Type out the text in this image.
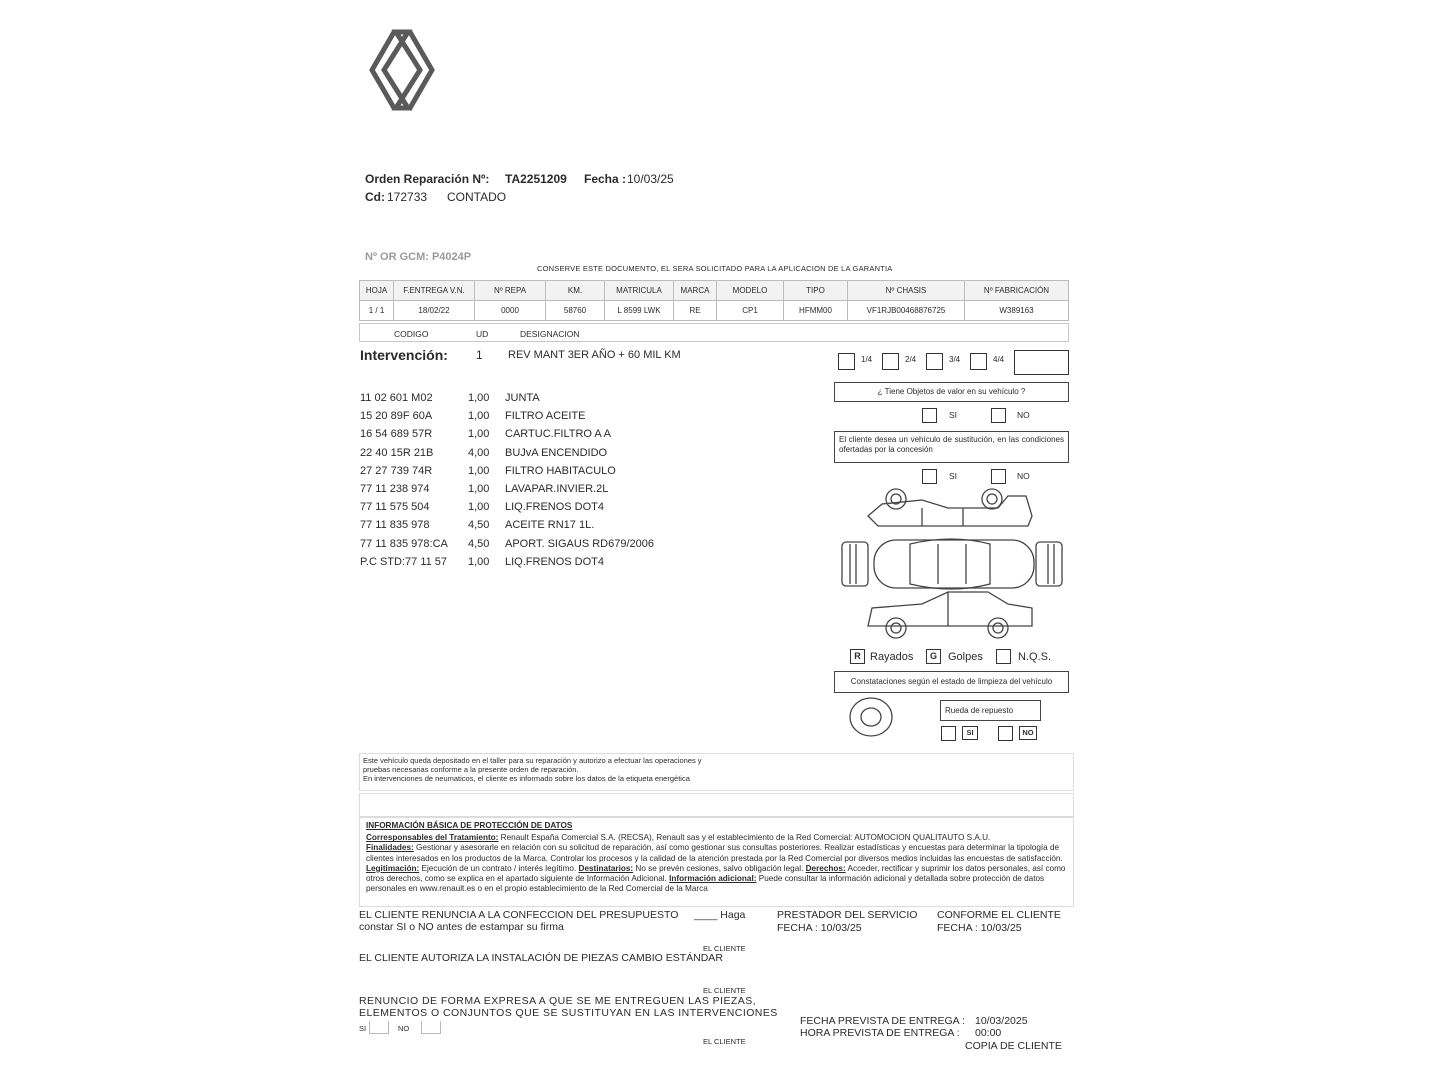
Orden Reparación Nº: TA2251209 Fecha : 10/03/25
Cd: 172733 CONTADO
Nº OR GCM: P4024P
CONSERVE ESTE DOCUMENTO, EL SERA SOLICITADO PARA LA APLICACION DE LA GARANTIA
HOJA	F.ENTREGA V.N.	Nº REPA	KM.	MATRICULA	MARCA	MODELO	TIPO	Nº CHASIS	Nº FABRICACIÓN
1 / 1	18/02/22	0000	58760	L 8599 LWK	RE	CP1	HFMM00	VF1RJB00468876725	W389163
CODIGO	UD	DESIGNACION
Intervención: 1 REV MANT 3ER AÑO + 60 MIL KM
11 02 601 M02	1,00 JUNTA
15 20 89F 60A	1,00 FILTRO ACEITE
16 54 689 57R	1,00 CARTUC.FILTRO A A
22 40 15R 21B	4,00 BUJvA ENCENDIDO
27 27 739 74R	1,00 FILTRO HABITACULO
77 11 238 974	1,00 LAVAPAR.INVIER.2L
77 11 575 504	1,00 LIQ.FRENOS DOT4
77 11 835 978	4,50 ACEITE RN17 1L.
77 11 835 978:CA 4,50 APORT. SIGAUS RD679/2006
P.C STD:77 11 57 1,00 LIQ.FRENOS DOT4
1/4	2/4	3/4	4/4
¿ Tiene Objetos de valor en su vehículo ?
SI	NO
El cliente desea un vehículo de sustitución, en las condiciones ofertadas por la concesión
SI	NO
R Rayados	G	Golpes	N.Q.S.
Constataciones según el estado de limpieza del vehículo
Rueda de repuesto
SI	NO
Este vehículo queda depositado en el taller para su reparación y autorizo a efectuar las operaciones y
pruebas necesarias conforme a la presente orden de reparación.
En intervenciones de neumaticos, el cliente es informado sobre los datos de la etiqueta energética
INFORMACIÓN BÁSICA DE PROTECCIÓN DE DATOS
Corresponsables del Tratamiento: Renault España Comercial S.A. (RECSA), Renault sas y el establecimiento de la Red Comercial: AUTOMOCION QUALITAUTO S.A.U.
Finalidades: Gestionar y asesorarle en relación con su solicitud de reparación, así como gestionar sus consultas posteriores. Realizar estadísticas y encuestas para determinar la tipología de clientes interesados en los productos de la Marca. Controlar los procesos y la calidad de la atención prestada por la Red Comercial por diversos medios incluidas las encuestas de satisfacción. Legitimación: Ejecución de un contrato / interés legítimo. Destinatarios: No se prevén cesiones, salvo obligación legal. Derechos: Acceder, rectificar y suprimir los datos personales, así como otros derechos, como se explica en el apartado siguiente de Información Adicional. Información adicional: Puede consultar la información adicional y detallada sobre protección de datos personales en www.renault.es o en el propio establecimiento de la Red Comercial de la Marca
EL CLIENTE RENUNCIA A LA CONFECCION DEL PRESUPUESTO ____ Haga
constar SI o NO antes de estampar su firma
PRESTADOR DEL SERVICIO
FECHA : 10/03/25
CONFORME EL CLIENTE
FECHA : 10/03/25
EL CLIENTE
EL CLIENTE AUTORIZA LA INSTALACIÓN DE PIEZAS CAMBIO ESTÁNDAR
EL CLIENTE
RENUNCIO DE FORMA EXPRESA A QUE SE ME ENTREGUEN LAS PIEZAS,
ELEMENTOS O CONJUNTOS QUE SE SUSTITUYAN EN LAS INTERVENCIONES
SI	NO
EL CLIENTE
FECHA PREVISTA DE ENTREGA : 10/03/2025
HORA PREVISTA DE ENTREGA : 00:00
COPIA DE CLIENTE
